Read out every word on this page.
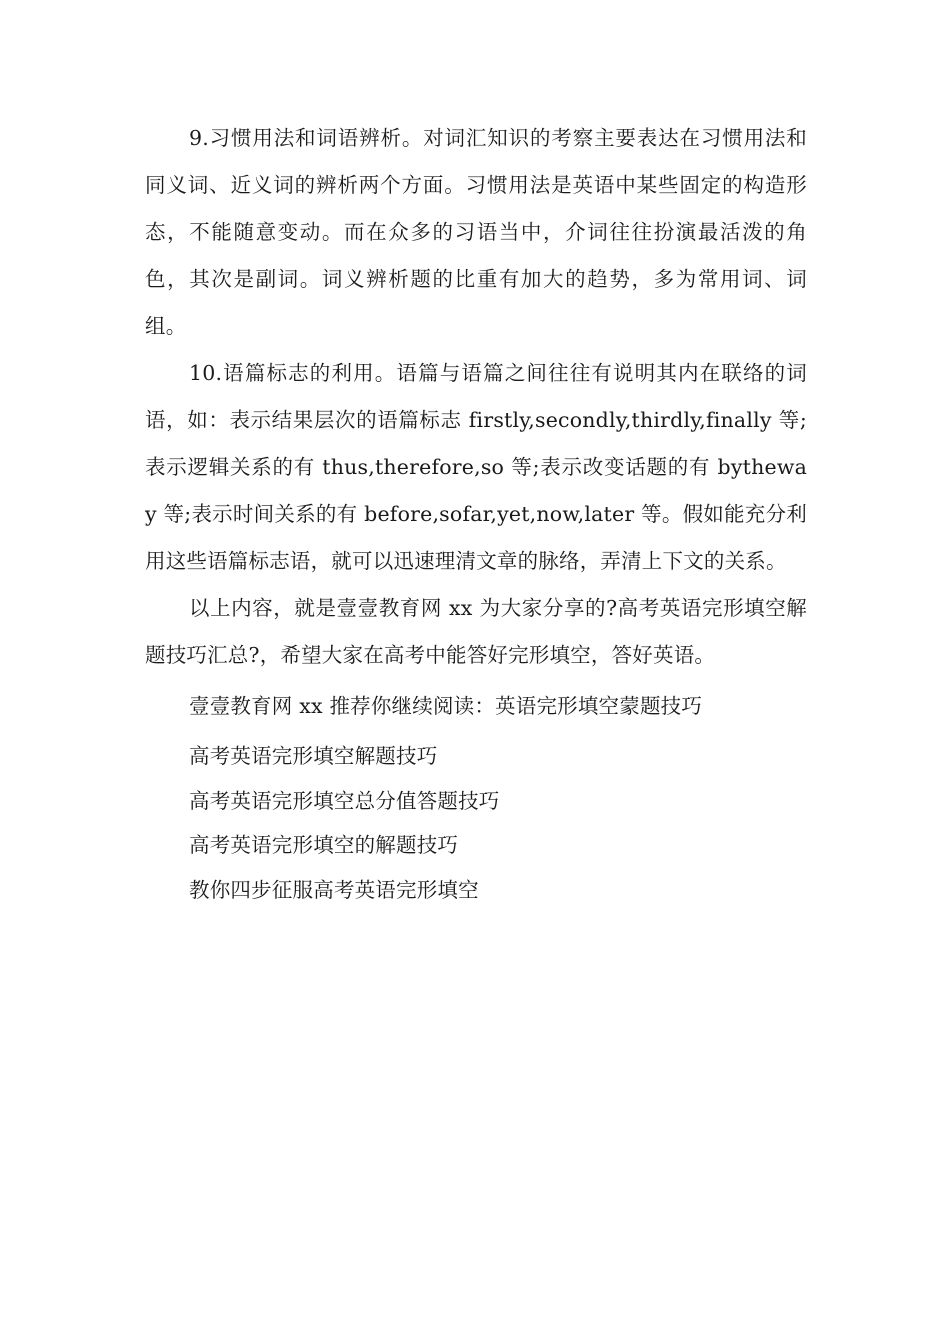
9.习惯用法和词语辨析。对词汇知识的考察主要表达在习惯用法和同义词、近义词的辨析两个方面。习惯用法是英语中某些固定的构造形态，不能随意变动。而在众多的习语当中，介词往往扮演最活泼的角色，其次是副词。词义辨析题的比重有加大的趋势，多为常用词、词组。

10.语篇标志的利用。语篇与语篇之间往往有说明其内在联络的词语，如：表示结果层次的语篇标志 firstly,secondly,thirdly,finally 等;表示逻辑关系的有 thus,therefore,so 等;表示改变话题的有 bytheway 等;表示时间关系的有 before,sofar,yet,now,later 等。假如能充分利用这些语篇标志语，就可以迅速理清文章的脉络，弄清上下文的关系。

以上内容，就是壹壹教育网 xx 为大家分享的?高考英语完形填空解题技巧汇总?，希望大家在高考中能答好完形填空，答好英语。

壹壹教育网 xx 推荐你继续阅读：英语完形填空蒙题技巧

高考英语完形填空解题技巧

高考英语完形填空总分值答题技巧

高考英语完形填空的解题技巧

教你四步征服高考英语完形填空
